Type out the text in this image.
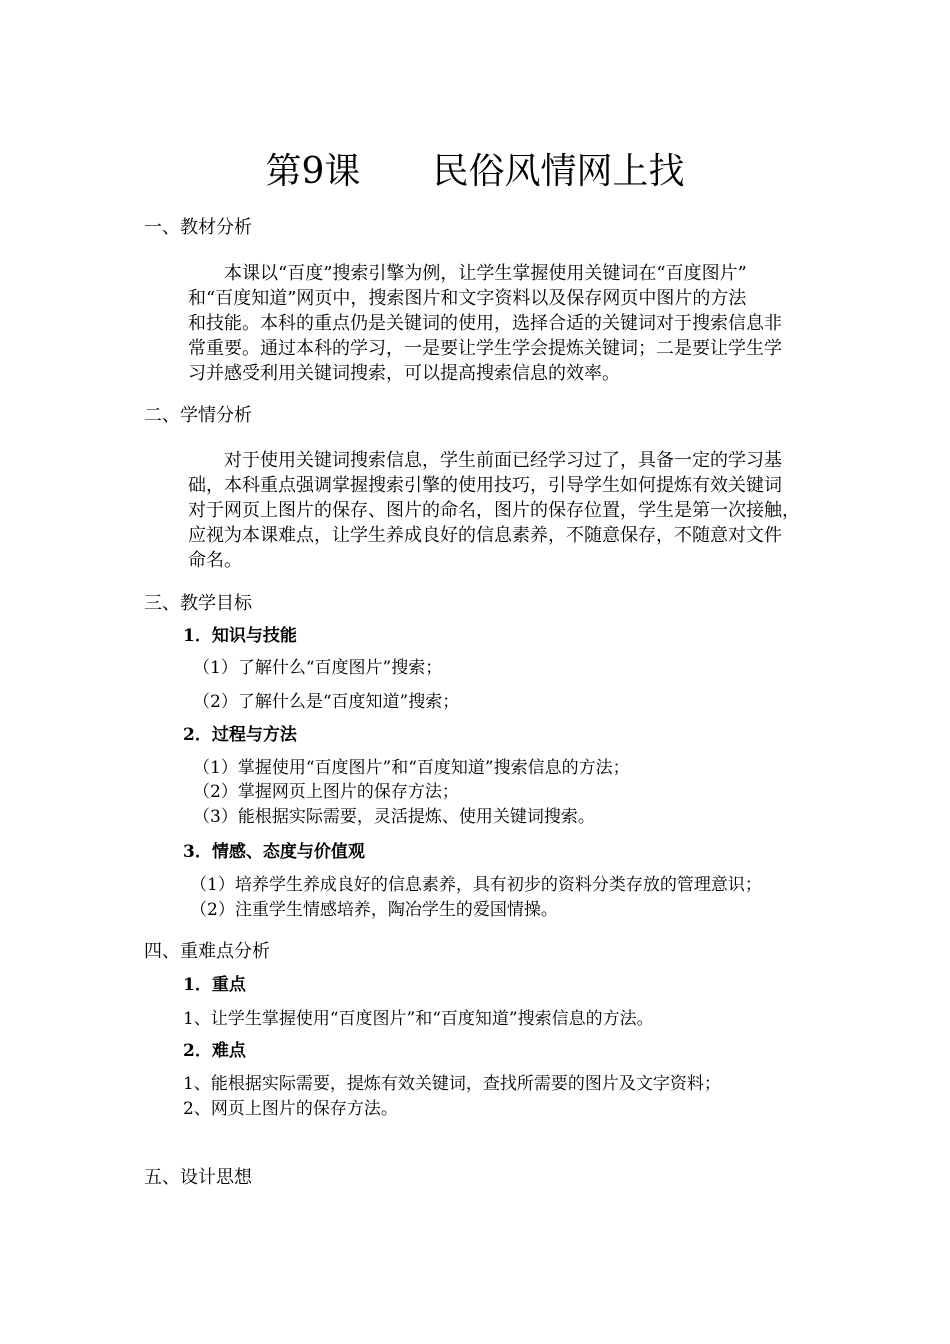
第9课 民俗风情网上找
一、教材分析
　　本课以“百度”搜索引擎为例，让学生掌握使用关键词在“百度图片”
和“百度知道”网页中，搜索图片和文字资料以及保存网页中图片的方法
和技能。本科的重点仍是关键词的使用，选择合适的关键词对于搜索信息非
常重要。通过本科的学习，一是要让学生学会提炼关键词；二是要让学生学
习并感受利用关键词搜索，可以提高搜索信息的效率。
二、学情分析
　　对于使用关键词搜索信息，学生前面已经学习过了，具备一定的学习基
础，本科重点强调掌握搜索引擎的使用技巧，引导学生如何提炼有效关键词
对于网页上图片的保存、图片的命名，图片的保存位置，学生是第一次接触，
应视为本课难点，让学生养成良好的信息素养，不随意保存，不随意对文件
命名。
三、教学目标
1．知识与技能
（1）了解什么“百度图片”搜索；
（2）了解什么是“百度知道”搜索；
2．过程与方法
（1）掌握使用“百度图片”和“百度知道”搜索信息的方法；
（2）掌握网页上图片的保存方法；
（3）能根据实际需要，灵活提炼、使用关键词搜索。
3．情感、态度与价值观
（1）培养学生养成良好的信息素养，具有初步的资料分类存放的管理意识；
（2）注重学生情感培养，陶冶学生的爱国情操。
四、重难点分析
1．重点
1、让学生掌握使用“百度图片”和“百度知道”搜索信息的方法。
2．难点
1、能根据实际需要，提炼有效关键词，查找所需要的图片及文字资料；
2、网页上图片的保存方法。
五、设计思想
